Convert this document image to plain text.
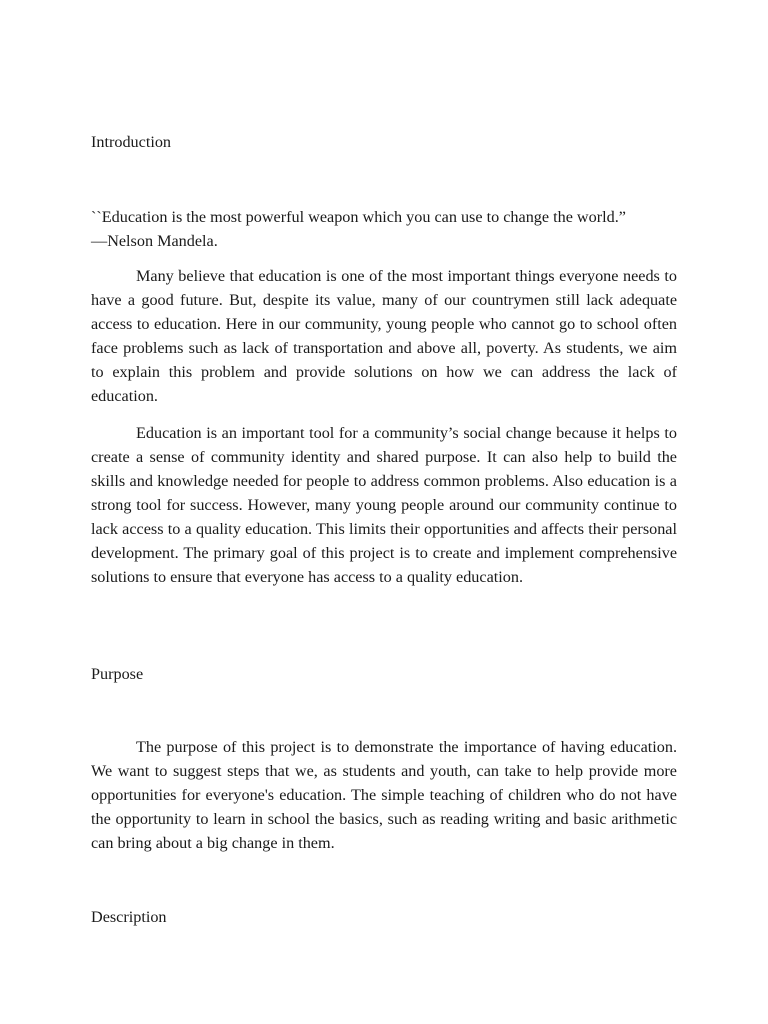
Introduction
``Education is the most powerful weapon which you can use to change the world.”
—Nelson Mandela.

Many believe that education is one of the most important things everyone needs to have a good future. But, despite its value, many of our countrymen still lack adequate access to education. Here in our community, young people who cannot go to school often face problems such as lack of transportation and above all, poverty. As students, we aim to explain this problem and provide solutions on how we can address the lack of education.

Education is an important tool for a community’s social change because it helps to create a sense of community identity and shared purpose. It can also help to build the skills and knowledge needed for people to address common problems. Also education is a strong tool for success. However, many young people around our community continue to lack access to a quality education. This limits their opportunities and affects their personal development. The primary goal of this project is to create and implement comprehensive solutions to ensure that everyone has access to a quality education.

Purpose

The purpose of this project is to demonstrate the importance of having education. We want to suggest steps that we, as students and youth, can take to help provide more opportunities for everyone's education. The simple teaching of children who do not have the opportunity to learn in school the basics, such as reading writing and basic arithmetic can bring about a big change in them.

Description
